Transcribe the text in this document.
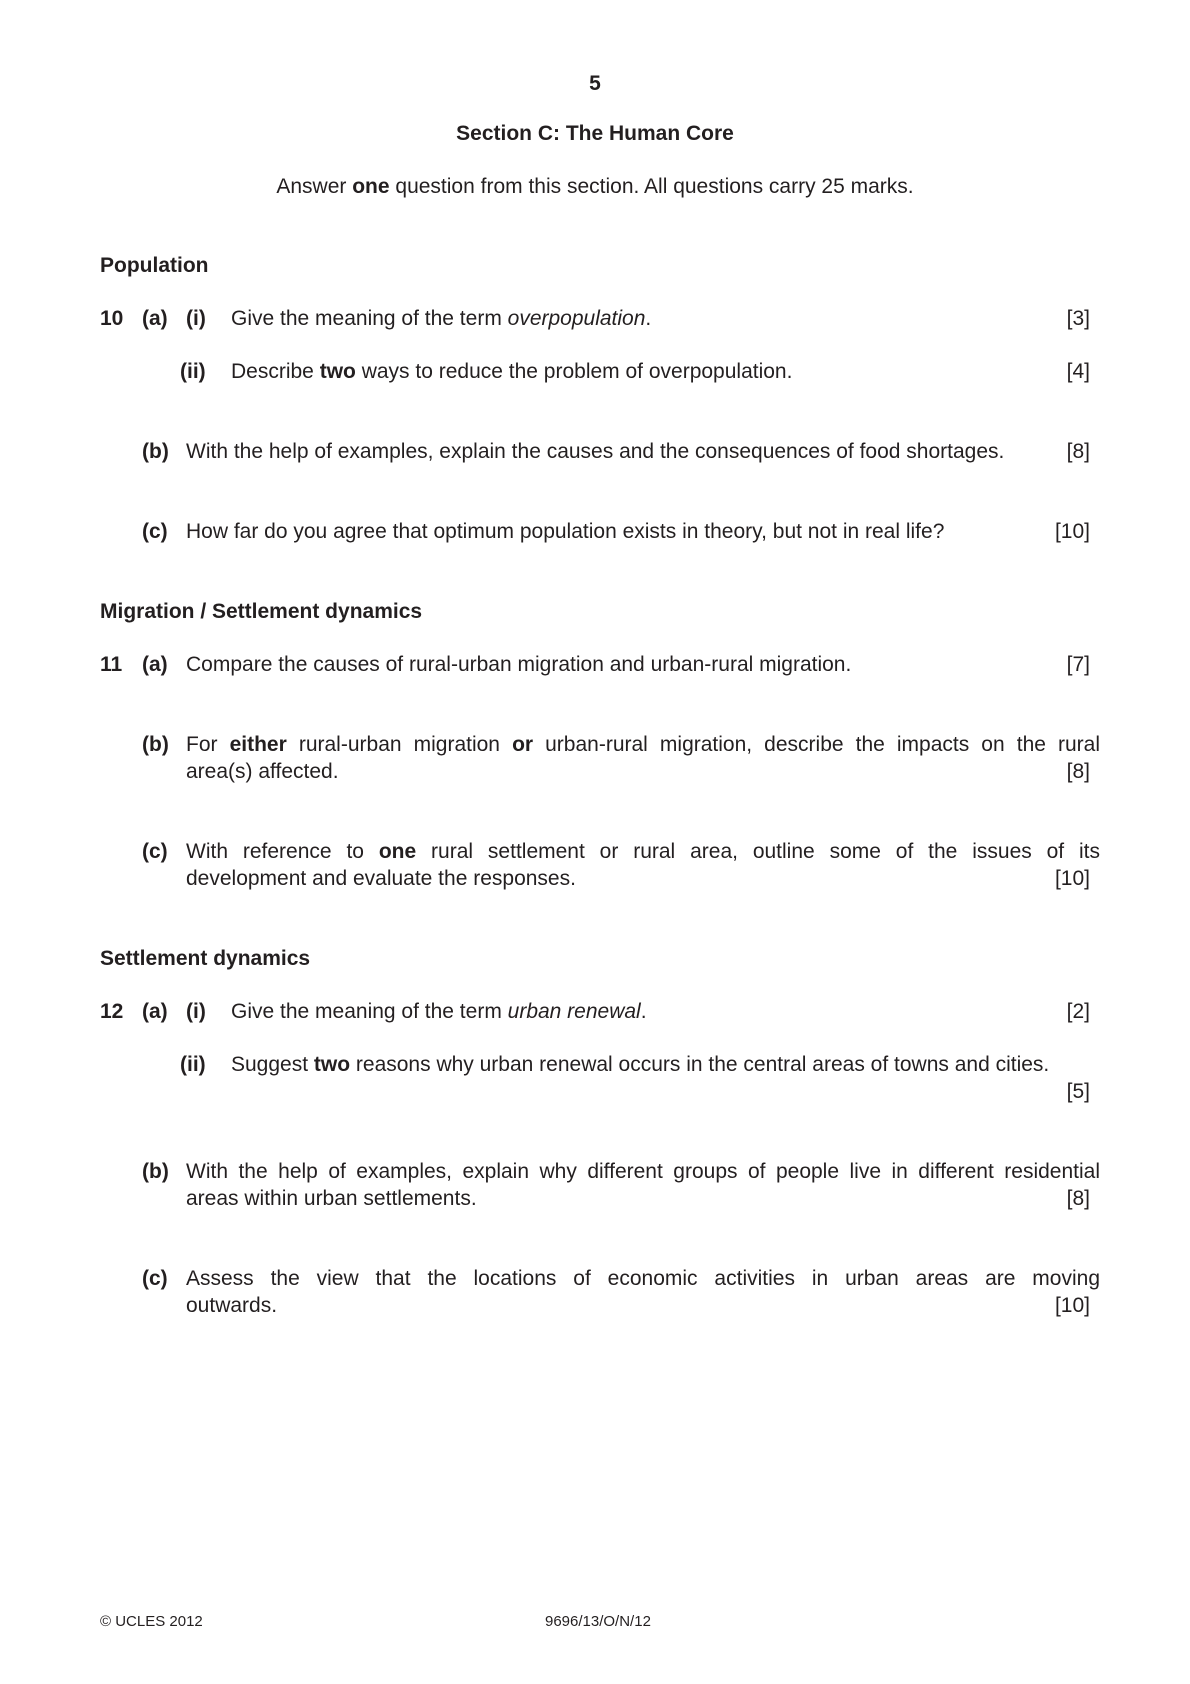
5
Section C: The Human Core
Answer one question from this section. All questions carry 25 marks.
Population
10 (a) (i) Give the meaning of the term overpopulation.	[3]
(ii) Describe two ways to reduce the problem of overpopulation.	[4]
(b) With the help of examples, explain the causes and the consequences of food shortages.	[8]
(c) How far do you agree that optimum population exists in theory, but not in real life?	[10]
Migration / Settlement dynamics
11 (a) Compare the causes of rural-urban migration and urban-rural migration.	[7]
(b) For either rural-urban migration or urban-rural migration, describe the impacts on the rural
area(s) affected.	[8]
(c) With reference to one rural settlement or rural area, outline some of the issues of its
development and evaluate the responses.	[10]
Settlement dynamics
12 (a) (i) Give the meaning of the term urban renewal.	[2]
(ii) Suggest two reasons why urban renewal occurs in the central areas of towns and cities.
[5]
(b) With the help of examples, explain why different groups of people live in different residential
areas within urban settlements.	[8]
(c) Assess the view that the locations of economic activities in urban areas are moving
outwards.	[10]
© UCLES 2012	9696/13/O/N/12
